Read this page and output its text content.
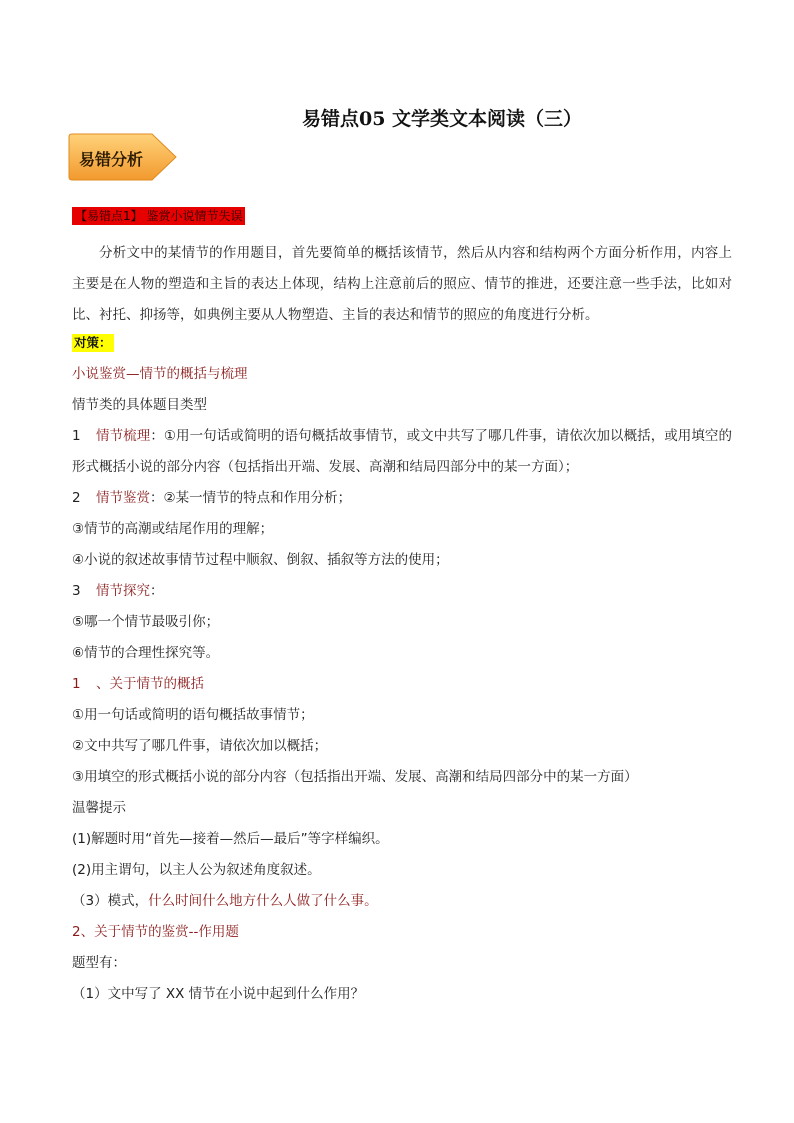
易错点05 文学类文本阅读（三）
易错分析
【易错点1】 鉴赏小说情节失误

分析文中的某情节的作用题目，首先要简单的概括该情节，然后从内容和结构两个方面分析作用，内容上主要是在人物的塑造和主旨的表达上体现，结构上注意前后的照应、情节的推进，还要注意一些手法，比如对比、衬托、抑扬等，如典例主要从人物塑造、主旨的表达和情节的照应的角度进行分析。

对策：
小说鉴赏—情节的概括与梳理
情节类的具体题目类型

1 情节梳理：①用一句话或简明的语句概括故事情节，或文中共写了哪几件事，请依次加以概括，或用填空的形式概括小说的部分内容（包括指出开端、发展、高潮和结局四部分中的某一方面）；

2 情节鉴赏：②某一情节的特点和作用分析；
③情节的高潮或结尾作用的理解；
④小说的叙述故事情节过程中顺叙、倒叙、插叙等方法的使用；
3 情节探究：
⑤哪一个情节最吸引你；
⑥情节的合理性探究等。
1 、关于情节的概括
①用一句话或简明的语句概括故事情节；
②文中共写了哪几件事，请依次加以概括；
③用填空的形式概括小说的部分内容（包括指出开端、发展、高潮和结局四部分中的某一方面）
温馨提示
(1)解题时用“首先—接着—然后—最后”等字样编织。
(2)用主谓句，以主人公为叙述角度叙述。
（3）模式，什么时间什么地方什么人做了什么事。
2、关于情节的鉴赏--作用题
题型有：
（1）文中写了 XX 情节在小说中起到什么作用？
